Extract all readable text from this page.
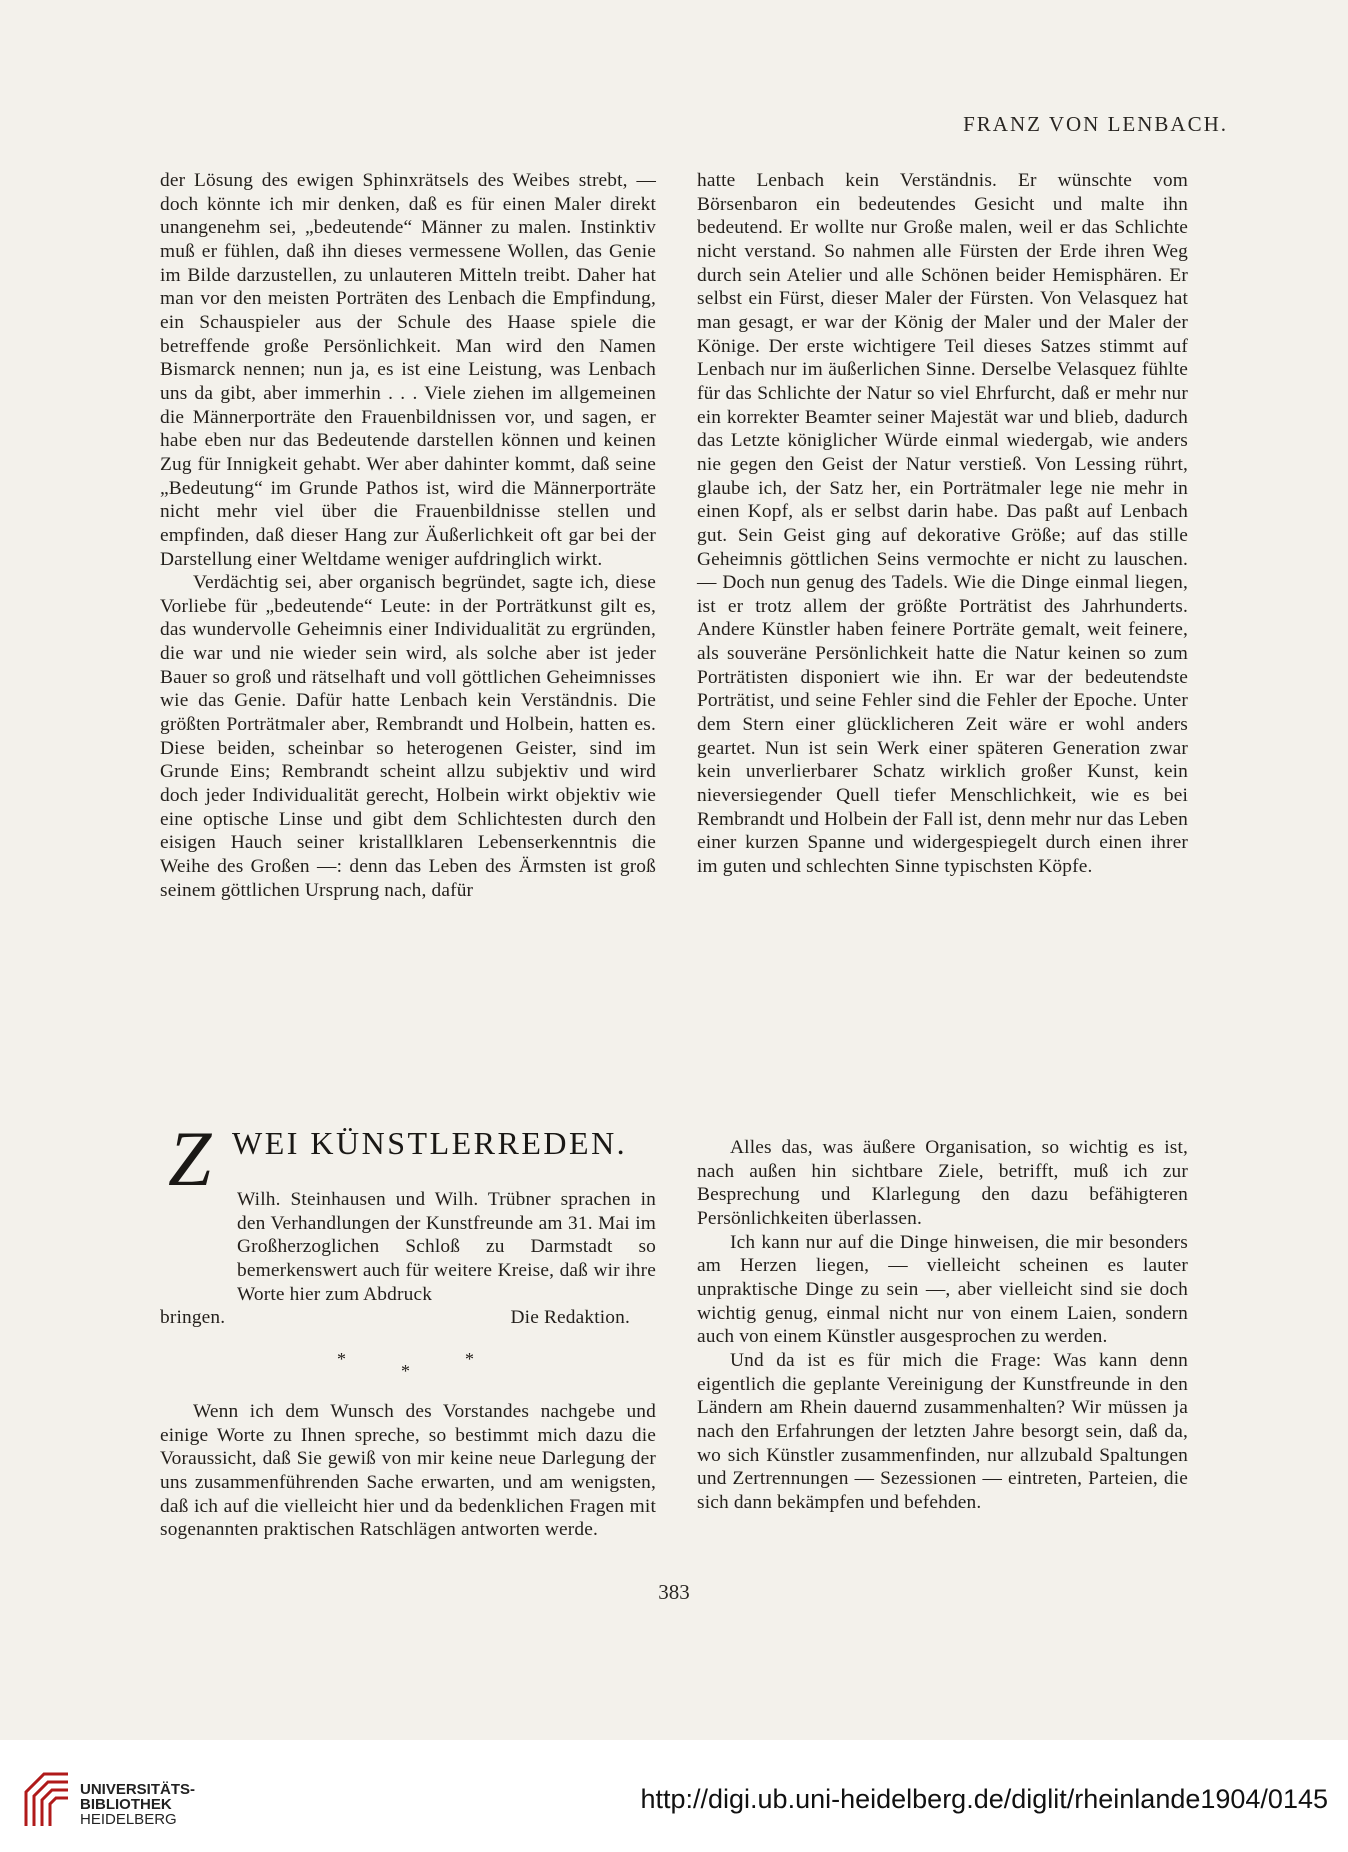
FRANZ VON LENBACH.

der Lösung des ewigen Sphinxrätsels des Weibes strebt, — doch könnte ich mir denken, daß es für einen Maler direkt unangenehm sei, „bedeutende“ Männer zu malen. Instinktiv muß er fühlen, daß ihn dieses vermessene Wollen, das Genie im Bilde darzustellen, zu unlauteren Mitteln treibt. Daher hat man vor den meisten Porträten des Lenbach die Empfindung, ein Schauspieler aus der Schule des Haase spiele die betreffende große Persönlichkeit. Man wird den Namen Bismarck nennen; nun ja, es ist eine Leistung, was Lenbach uns da gibt, aber immerhin . . . Viele ziehen im allgemeinen die Männerporträte den Frauenbildnissen vor, und sagen, er habe eben nur das Bedeutende darstellen können und keinen Zug für Innigkeit gehabt. Wer aber dahinter kommt, daß seine „Bedeutung“ im Grunde Pathos ist, wird die Männerporträte nicht mehr viel über die Frauenbildnisse stellen und empfinden, daß dieser Hang zur Äußerlichkeit oft gar bei der Darstellung einer Weltdame weniger aufdringlich wirkt.

Verdächtig sei, aber organisch begründet, sagte ich, diese Vorliebe für „bedeutende“ Leute: in der Porträtkunst gilt es, das wundervolle Geheimnis einer Individualität zu ergründen, die war und nie wieder sein wird, als solche aber ist jeder Bauer so groß und rätselhaft und voll göttlichen Geheimnisses wie das Genie. Dafür hatte Lenbach kein Verständnis. Die größten Porträtmaler aber, Rembrandt und Holbein, hatten es. Diese beiden, scheinbar so heterogenen Geister, sind im Grunde Eins; Rembrandt scheint allzu subjektiv und wird doch jeder Individualität gerecht, Holbein wirkt objektiv wie eine optische Linse und gibt dem Schlichtesten durch den eisigen Hauch seiner kristallklaren Lebenserkenntnis die Weihe des Großen —: denn das Leben des Ärmsten ist groß seinem göttlichen Ursprung nach, dafür

hatte Lenbach kein Verständnis. Er wünschte vom Börsenbaron ein bedeutendes Gesicht und malte ihn bedeutend. Er wollte nur Große malen, weil er das Schlichte nicht verstand. So nahmen alle Fürsten der Erde ihren Weg durch sein Atelier und alle Schönen beider Hemisphären. Er selbst ein Fürst, dieser Maler der Fürsten. Von Velasquez hat man gesagt, er war der König der Maler und der Maler der Könige. Der erste wichtigere Teil dieses Satzes stimmt auf Lenbach nur im äußerlichen Sinne. Derselbe Velasquez fühlte für das Schlichte der Natur so viel Ehrfurcht, daß er mehr nur ein korrekter Beamter seiner Majestät war und blieb, dadurch das Letzte königlicher Würde einmal wiedergab, wie anders nie gegen den Geist der Natur verstieß. Von Lessing rührt, glaube ich, der Satz her, ein Porträtmaler lege nie mehr in einen Kopf, als er selbst darin habe. Das paßt auf Lenbach gut. Sein Geist ging auf dekorative Größe; auf das stille Geheimnis göttlichen Seins vermochte er nicht zu lauschen. — Doch nun genug des Tadels. Wie die Dinge einmal liegen, ist er trotz allem der größte Porträtist des Jahrhunderts. Andere Künstler haben feinere Porträte gemalt, weit feinere, als souveräne Persönlichkeit hatte die Natur keinen so zum Porträtisten disponiert wie ihn. Er war der bedeutendste Porträtist, und seine Fehler sind die Fehler der Epoche. Unter dem Stern einer glücklicheren Zeit wäre er wohl anders geartet. Nun ist sein Werk einer späteren Generation zwar kein unverlierbarer Schatz wirklich großer Kunst, kein nieversiegender Quell tiefer Menschlichkeit, wie es bei Rembrandt und Holbein der Fall ist, denn mehr nur das Leben einer kurzen Spanne und widergespiegelt durch einen ihrer im guten und schlechten Sinne typischsten Köpfe.

Z WEI KÜNSTLERREDEN.

Wilh. Steinhausen und Wilh. Trübner sprachen in den Verhandlungen der Kunstfreunde am 31. Mai im Großherzoglichen Schloß zu Darmstadt so bemerkenswert auch für weitere Kreise, daß wir ihre Worte hier zum Abdruck

bringen.	Die Redaktion.
*
*
*

Wenn ich dem Wunsch des Vorstandes nachgebe und einige Worte zu Ihnen spreche, so bestimmt mich dazu die Voraussicht, daß Sie gewiß von mir keine neue Darlegung der uns zusammenführenden Sache erwarten, und am wenigsten, daß ich auf die vielleicht hier und da bedenklichen Fragen mit sogenannten praktischen Ratschlägen antworten werde.

Alles das, was äußere Organisation, so wichtig es ist, nach außen hin sichtbare Ziele, betrifft, muß ich zur Besprechung und Klarlegung den dazu befähigteren Persönlichkeiten überlassen.

Ich kann nur auf die Dinge hinweisen, die mir besonders am Herzen liegen, — vielleicht scheinen es lauter unpraktische Dinge zu sein —, aber vielleicht sind sie doch wichtig genug, einmal nicht nur von einem Laien, sondern auch von einem Künstler ausgesprochen zu werden.

Und da ist es für mich die Frage: Was kann denn eigentlich die geplante Vereinigung der Kunstfreunde in den Ländern am Rhein dauernd zusammenhalten? Wir müssen ja nach den Erfahrungen der letzten Jahre besorgt sein, daß da, wo sich Künstler zusammenfinden, nur allzubald Spaltungen und Zertrennungen — Sezessionen — eintreten, Parteien, die sich dann bekämpfen und befehden.

383
UNIVERSITÄTS-
BIBLIOTHEK
HEIDELBERG
http://digi.ub.uni-heidelberg.de/diglit/rheinlande1904/0145
